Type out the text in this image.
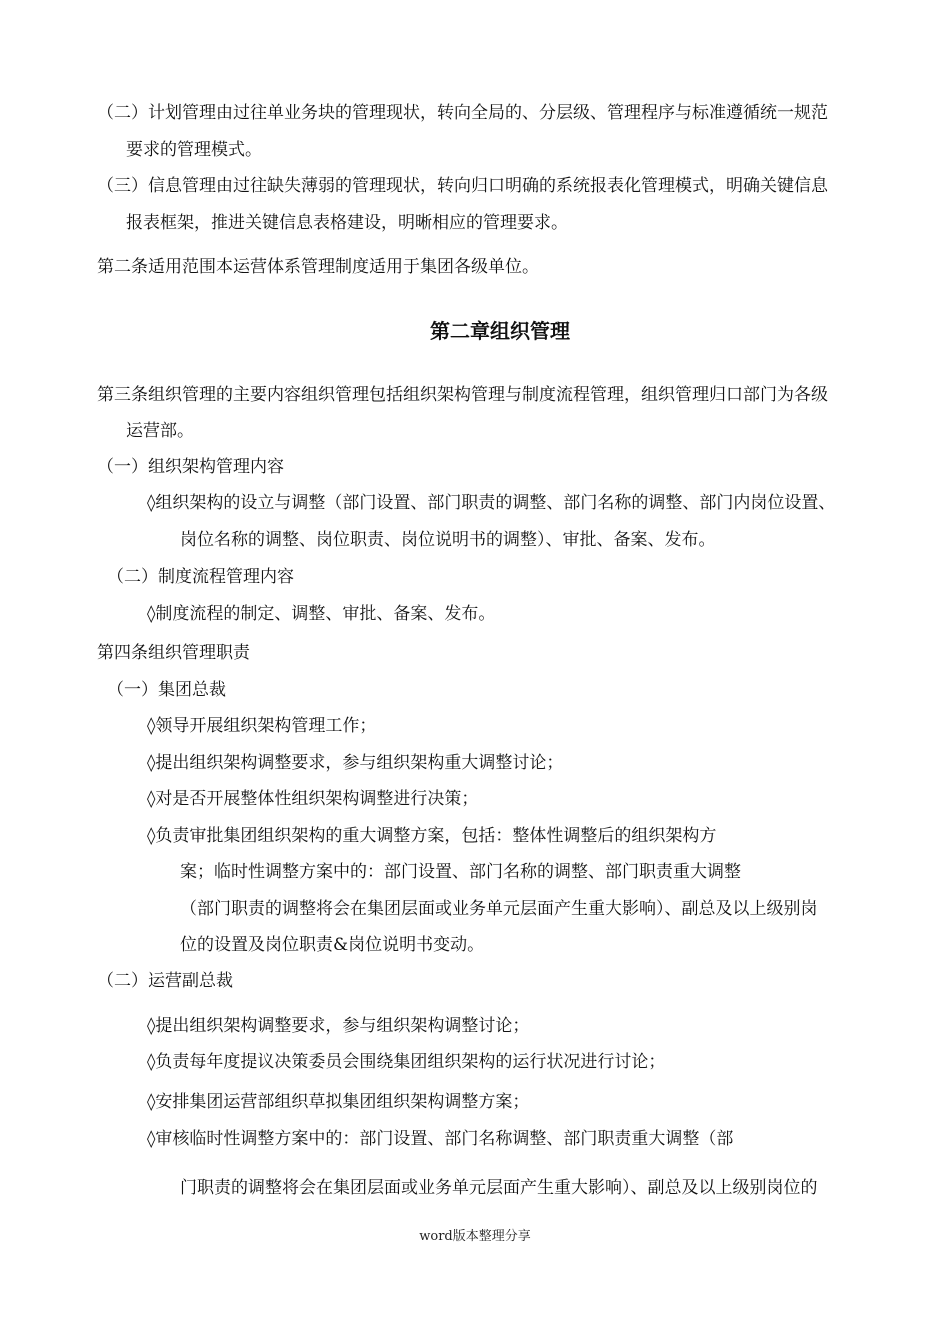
（二）计划管理由过往单业务块的管理现状，转向全局的、分层级、管理程序与标准遵循统一规范
要求的管理模式。
（三）信息管理由过往缺失薄弱的管理现状，转向归口明确的系统报表化管理模式，明确关键信息
报表框架，推进关键信息表格建设，明晰相应的管理要求。
第二条适用范围本运营体系管理制度适用于集团各级单位。
第二章组织管理
第三条组织管理的主要内容组织管理包括组织架构管理与制度流程管理，组织管理归口部门为各级
运营部。
（一）组织架构管理内容
◊组织架构的设立与调整（部门设置、部门职责的调整、部门名称的调整、部门内岗位设置、
岗位名称的调整、岗位职责、岗位说明书的调整）、审批、备案、发布。
（二）制度流程管理内容
◊制度流程的制定、调整、审批、备案、发布。
第四条组织管理职责
（一）集团总裁
◊领导开展组织架构管理工作；
◊提出组织架构调整要求，参与组织架构重大调整讨论；
◊对是否开展整体性组织架构调整进行决策；
◊负责审批集团组织架构的重大调整方案，包括：整体性调整后的组织架构方
案；临时性调整方案中的：部门设置、部门名称的调整、部门职责重大调整
（部门职责的调整将会在集团层面或业务单元层面产生重大影响）、副总及以上级别岗
位的设置及岗位职责&岗位说明书变动。
（二）运营副总裁
◊提出组织架构调整要求，参与组织架构调整讨论；
◊负责每年度提议决策委员会围绕集团组织架构的运行状况进行讨论；
◊安排集团运营部组织草拟集团组织架构调整方案；
◊审核临时性调整方案中的：部门设置、部门名称调整、部门职责重大调整（部
门职责的调整将会在集团层面或业务单元层面产生重大影响）、副总及以上级别岗位的
word版本整理分享
